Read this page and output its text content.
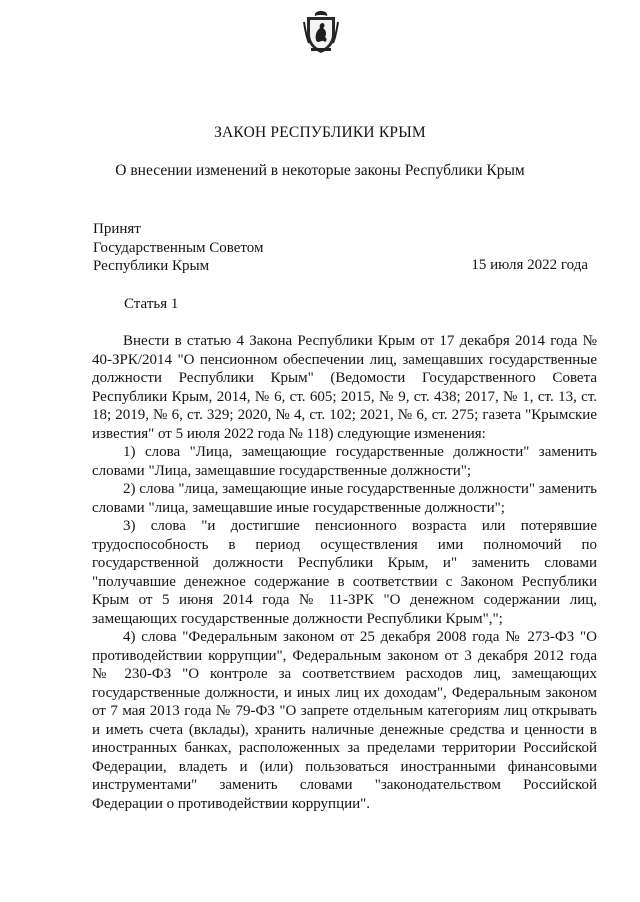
ЗАКОН РЕСПУБЛИКИ КРЫМ
О внесении изменений в некоторые законы Республики Крым
Принят
Государственным Советом
Республики Крым	15 июля 2022 года
Статья 1

Внести в статью 4 Закона Республики Крым от 17 декабря 2014 года № 40-ЗРК/2014 "О пенсионном обеспечении лиц, замещавших государственные должности Республики Крым" (Ведомости Государственного Совета Республики Крым, 2014, № 6, ст. 605; 2015, № 9, ст. 438; 2017, № 1, ст. 13, ст. 18; 2019, № 6, ст. 329; 2020, № 4, ст. 102; 2021, № 6, ст. 275; газета "Крымские известия" от 5 июля 2022 года № 118) следующие изменения:

1) слова "Лица, замещающие государственные должности" заменить словами "Лица, замещавшие государственные должности";

2) слова "лица, замещающие иные государственные должности" заменить словами "лица, замещавшие иные государственные должности";

3) слова "и достигшие пенсионного возраста или потерявшие трудоспособность в период осуществления ими полномочий по государственной должности Республики Крым, и" заменить словами "получавшие денежное содержание в соответствии с Законом Республики Крым от 5 июня 2014 года № 11-ЗРК "О денежном содержании лиц, замещающих государственные должности Республики Крым",";

4) слова "Федеральным законом от 25 декабря 2008 года № 273-ФЗ "О противодействии коррупции", Федеральным законом от 3 декабря 2012 года № 230-ФЗ "О контроле за соответствием расходов лиц, замещающих государственные должности, и иных лиц их доходам", Федеральным законом от 7 мая 2013 года № 79-ФЗ "О запрете отдельным категориям лиц открывать и иметь счета (вклады), хранить наличные денежные средства и ценности в иностранных банках, расположенных за пределами территории Российской Федерации, владеть и (или) пользоваться иностранными финансовыми инструментами" заменить словами "законодательством Российской Федерации о противодействии коррупции".
